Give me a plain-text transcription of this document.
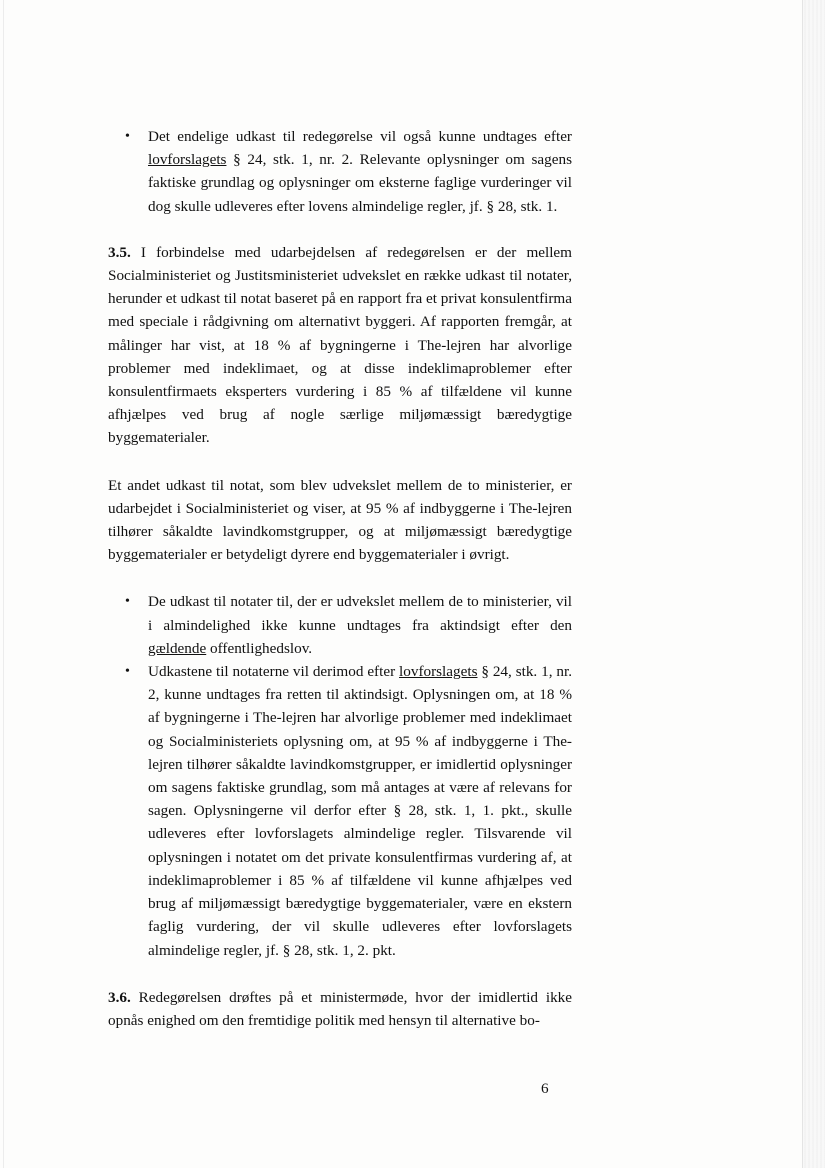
• Det endelige udkast til redegørelse vil også kunne undtages efter lovforslagets § 24, stk. 1, nr. 2. Relevante oplysninger om sagens faktiske grundlag og oplysninger om eksterne faglige vurderinger vil dog skulle udleveres efter lovens almindelige regler, jf. § 28, stk. 1.

3.5. I forbindelse med udarbejdelsen af redegørelsen er der mellem Socialministeriet og Justitsministeriet udvekslet en række udkast til notater, herunder et udkast til notat baseret på en rapport fra et privat konsulentfirma med speciale i rådgivning om alternativt byggeri. Af rapporten fremgår, at målinger har vist, at 18 % af bygningerne i The-lejren har alvorlige problemer med indeklimaet, og at disse indeklimaproblemer efter konsulentfirmaets eksperters vurdering i 85 % af tilfældene vil kunne afhjælpes ved brug af nogle særlige miljømæssigt bæredygtige byggematerialer.

Et andet udkast til notat, som blev udvekslet mellem de to ministerier, er udarbejdet i Socialministeriet og viser, at 95 % af indbyggerne i The-lejren tilhører såkaldte lavindkomstgrupper, og at miljømæssigt bæredygtige byggematerialer er betydeligt dyrere end byggematerialer i øvrigt.

• De udkast til notater til, der er udvekslet mellem de to ministerier, vil i almindelighed ikke kunne undtages fra aktindsigt efter den gældende offentlighedslov.
• Udkastene til notaterne vil derimod efter lovforslagets § 24, stk. 1, nr. 2, kunne undtages fra retten til aktindsigt. Oplysningen om, at 18 % af bygningerne i The-lejren har alvorlige problemer med indeklimaet og Socialministeriets oplysning om, at 95 % af indbyggerne i The-lejren tilhører såkaldte lavindkomstgrupper, er imidlertid oplysninger om sagens faktiske grundlag, som må antages at være af relevans for sagen. Oplysningerne vil derfor efter § 28, stk. 1, 1. pkt., skulle udleveres efter lovforslagets almindelige regler. Tilsvarende vil oplysningen i notatet om det private konsulentfirmas vurdering af, at indeklimaproblemer i 85 % af tilfældene vil kunne afhjælpes ved brug af miljømæssigt bæredygtige byggematerialer, være en ekstern faglig vurdering, der vil skulle udleveres efter lovforslagets almindelige regler, jf. § 28, stk. 1, 2. pkt.

3.6. Redegørelsen drøftes på et ministermøde, hvor der imidlertid ikke opnås enighed om den fremtidige politik med hensyn til alternative bo-

6
